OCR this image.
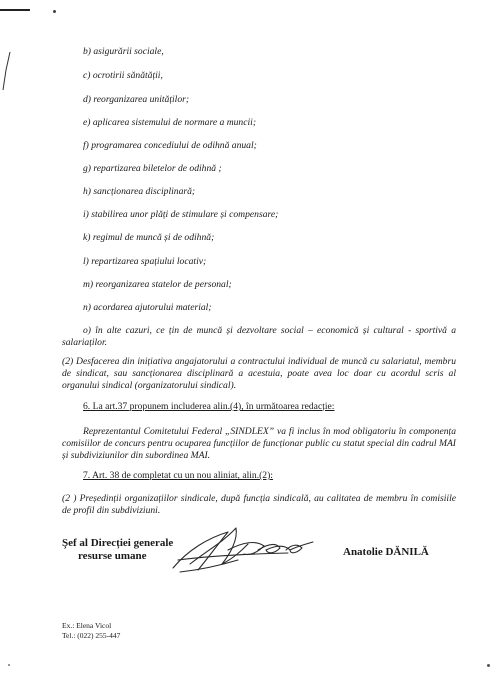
b) asigurării sociale,
c) ocrotirii sănătății,
d) reorganizarea unităților;
e) aplicarea sistemului de normare a muncii;
f) programarea concediului de odihnă anual;
g) repartizarea biletelor de odihnă ;
h) sancționarea disciplinară;
i) stabilirea unor plăți de stimulare și compensare;
k) regimul de muncă și de odihnă;
l) repartizarea spațiului locativ;
m) reorganizarea statelor de personal;
n) acordarea ajutorului material;
o) în alte cazuri, ce țin de muncă și dezvoltare social – economică și cultural - sportivă a salariaților.
(2) Desfacerea din inițiativa angajatorului a contractului individual de muncă cu salariatul, membru de sindicat, sau sancționarea disciplinară a acestuia, poate avea loc doar cu acordul scris al organului sindical (organizatorului sindical).
6. La art.37 propunem includerea alin.(4), în următoarea redacție:
Reprezentantul Comitetului Federal „SINDLEX” va fi inclus în mod obligatoriu în componența comisiilor de concurs pentru ocuparea funcțiilor de funcționar public cu statut special din cadrul MAI și subdiviziunilor din subordinea MAI.
7. Art. 38 de completat cu un nou aliniat, alin.(2):
(2 ) Președinții organizațiilor sindicale, după funcția sindicală, au calitatea de membru în comisiile de profil din subdiviziuni.
Şef al Direcției generale
resurse umane	Anatolie DĂNILĂ
Ex.: Elena Vicol
Tel.: (022) 255-447
